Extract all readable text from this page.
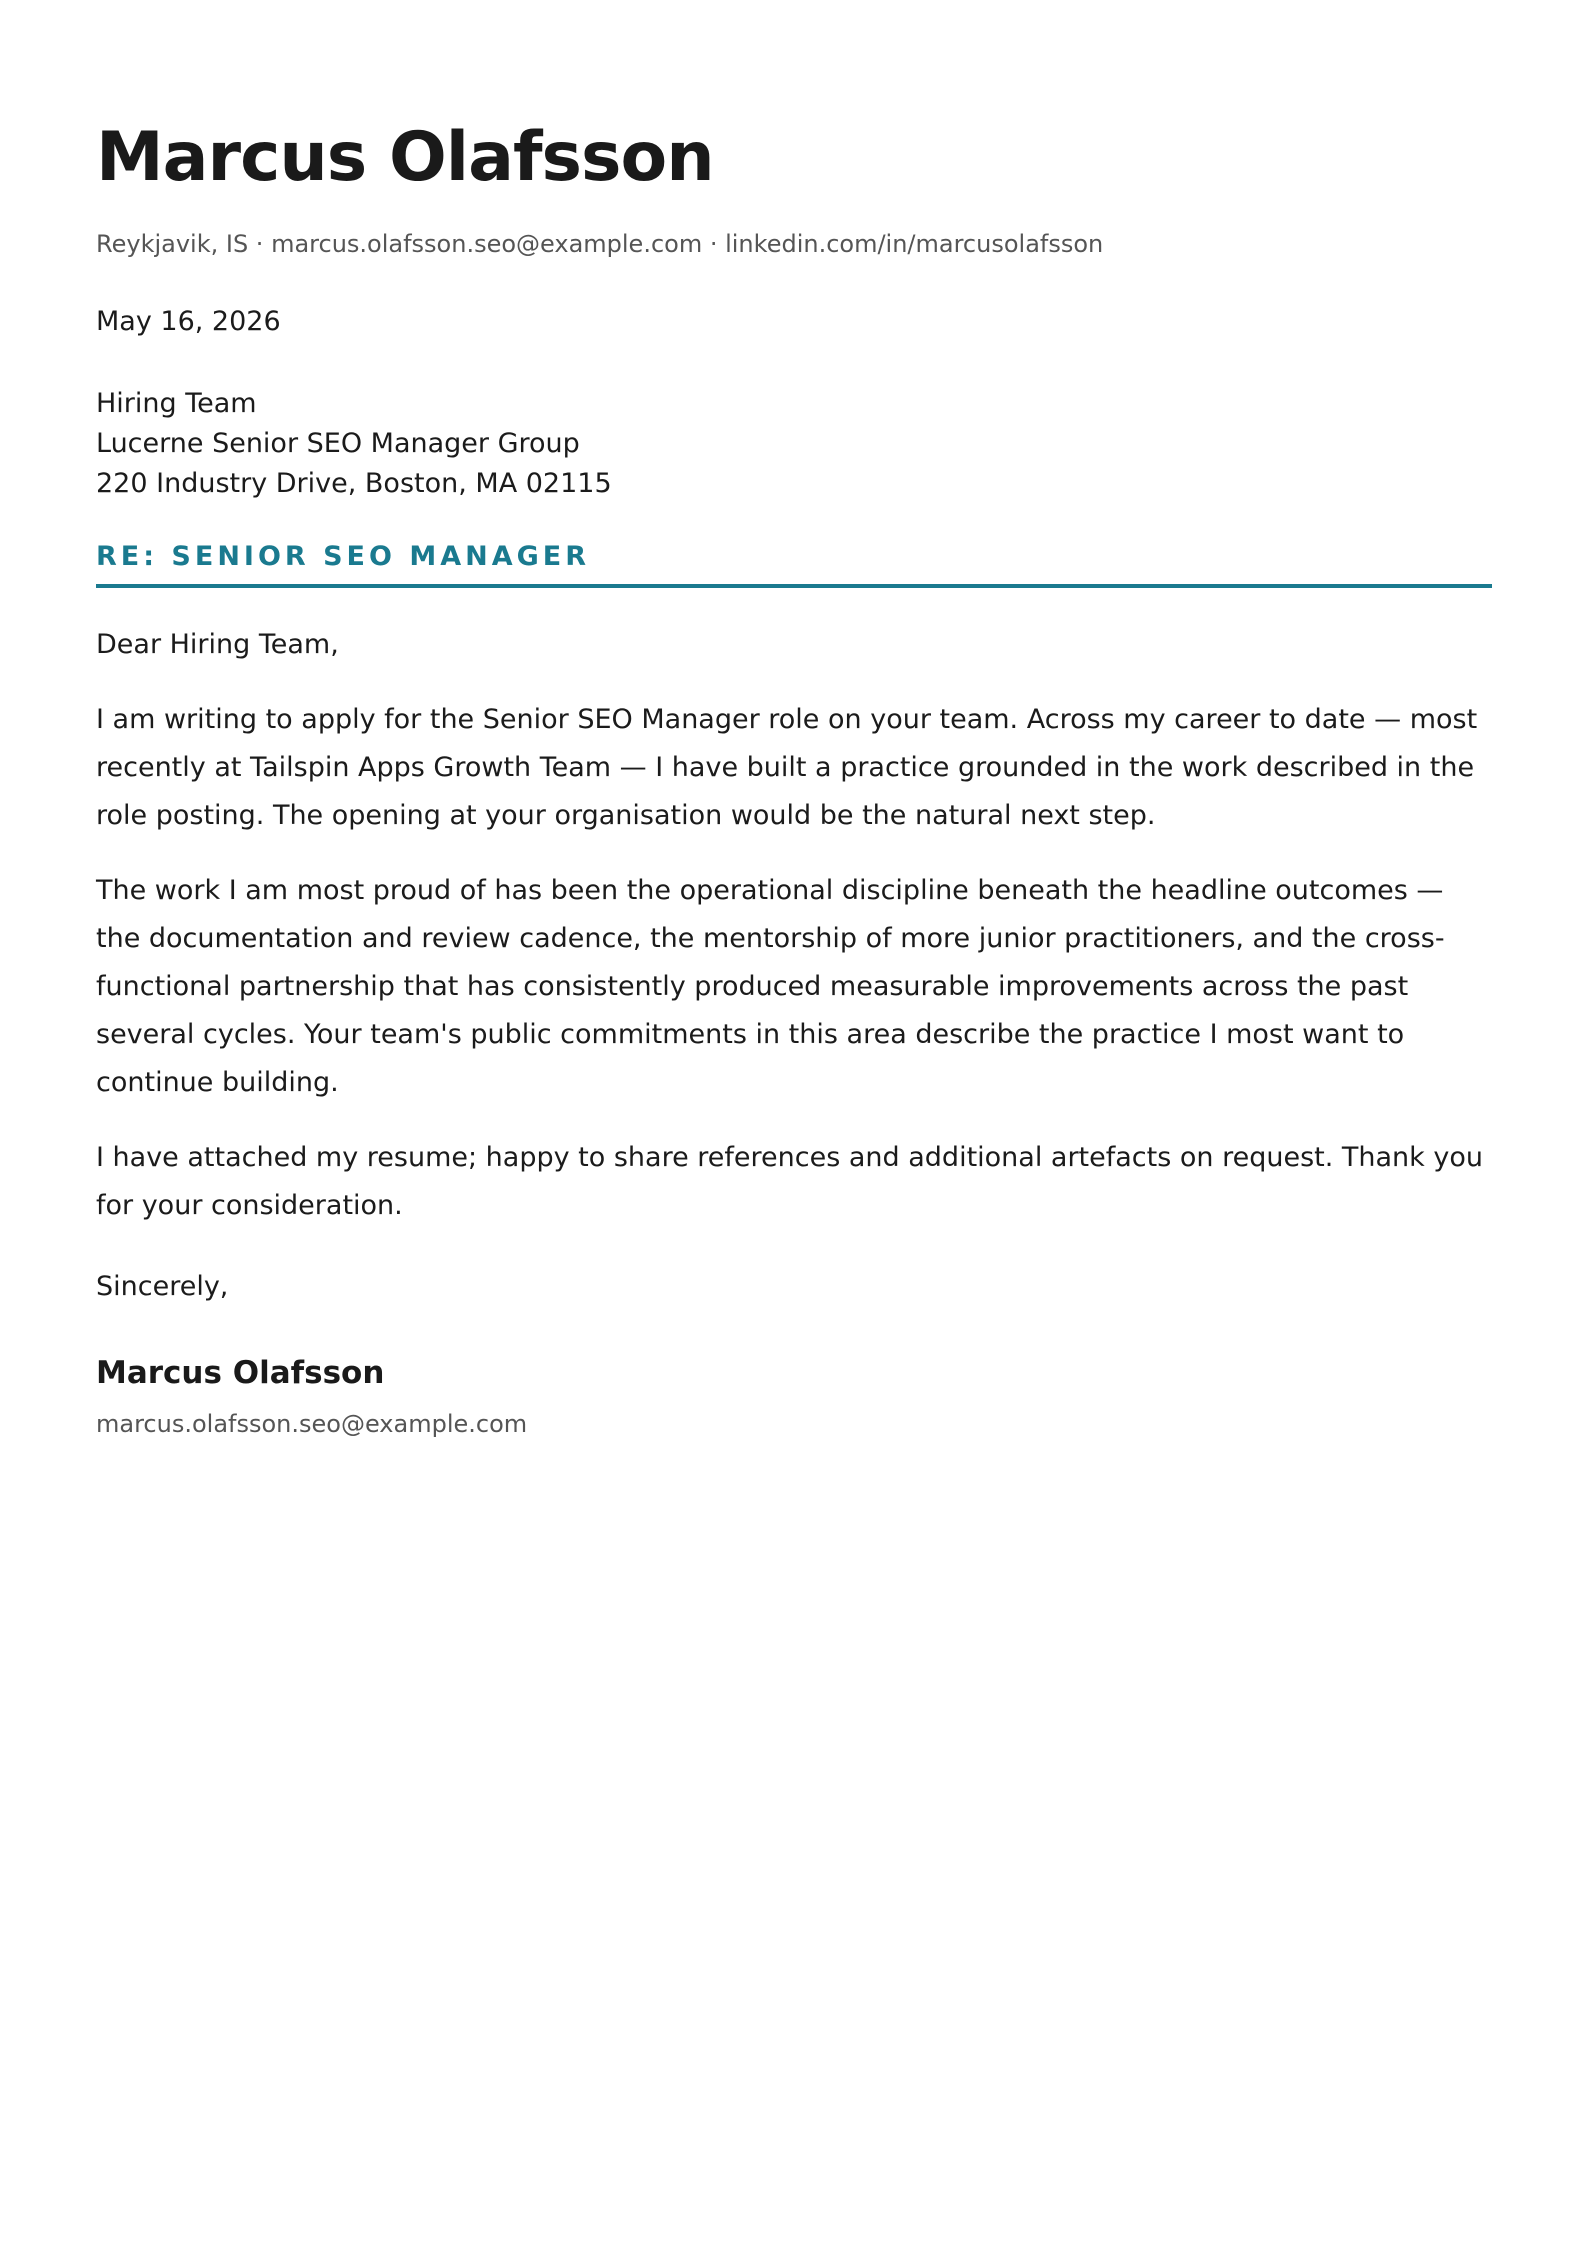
Marcus Olafsson
Reykjavik, IS · marcus.olafsson.seo@example.com · linkedin.com/in/marcusolafsson
May 16, 2026
Hiring Team
Lucerne Senior SEO Manager Group
220 Industry Drive, Boston, MA 02115
RE: SENIOR SEO MANAGER
Dear Hiring Team,

I am writing to apply for the Senior SEO Manager role on your team. Across my career to date — most recently at Tailspin Apps Growth Team — I have built a practice grounded in the work described in the role posting. The opening at your organisation would be the natural next step.

The work I am most proud of has been the operational discipline beneath the headline outcomes — the documentation and review cadence, the mentorship of more junior practitioners, and the cross-functional partnership that has consistently produced measurable improvements across the past several cycles. Your team's public commitments in this area describe the practice I most want to continue building.

I have attached my resume; happy to share references and additional artefacts on request. Thank you for your consideration.

Sincerely,
Marcus Olafsson
marcus.olafsson.seo@example.com
